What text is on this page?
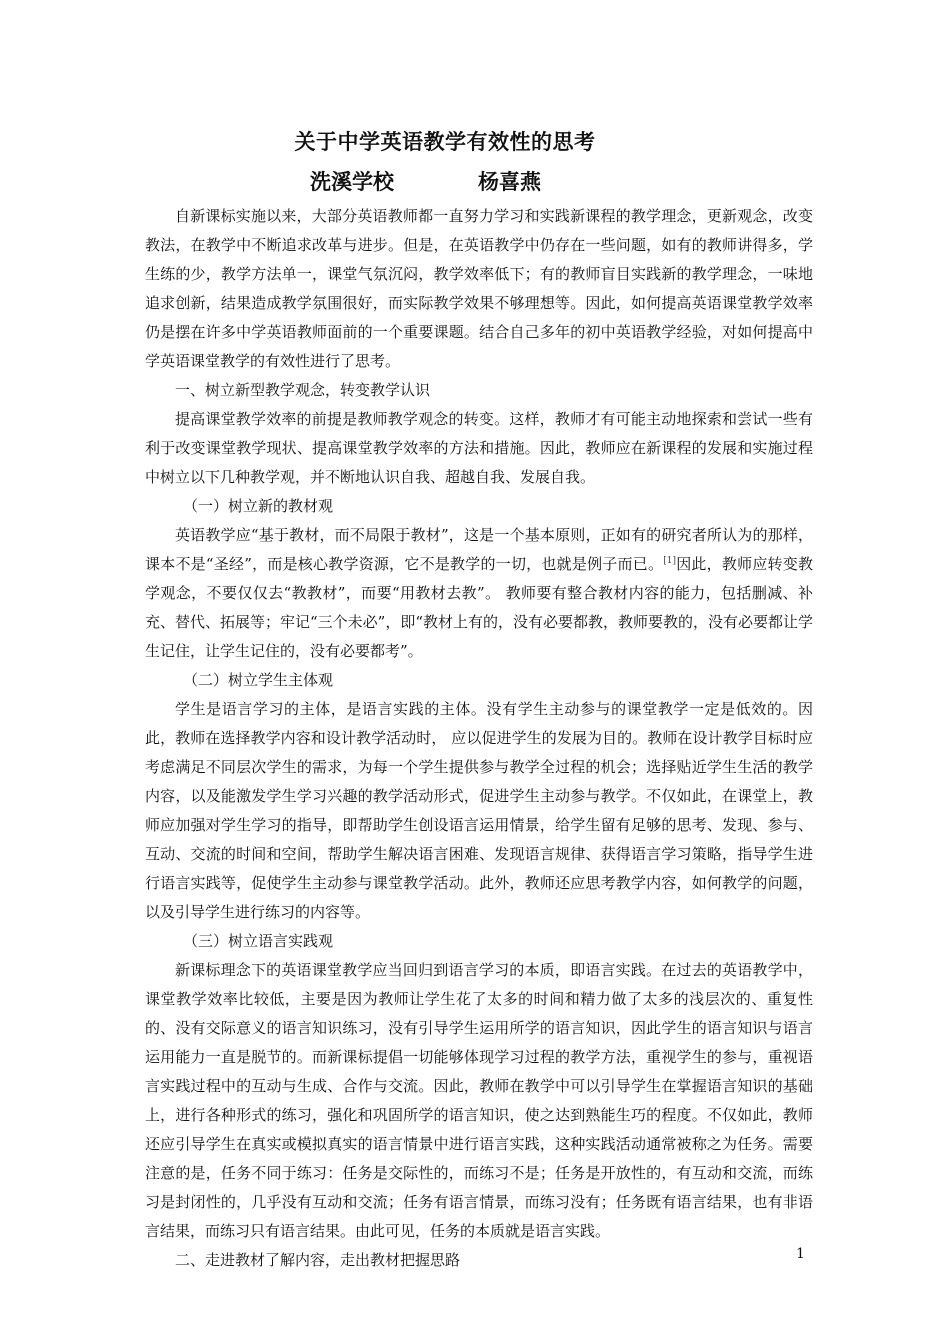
关于中学英语教学有效性的思考
洗溪学校	杨喜燕

自新课标实施以来，大部分英语教师都一直努力学习和实践新课程的教学理念，更新观念，改变教法，在教学中不断追求改革与进步。但是，在英语教学中仍存在一些问题，如有的教师讲得多，学生练的少，教学方法单一，课堂气氛沉闷，教学效率低下；有的教师盲目实践新的教学理念，一味地追求创新，结果造成教学氛围很好，而实际教学效果不够理想等。因此，如何提高英语课堂教学效率仍是摆在许多中学英语教师面前的一个重要课题。结合自己多年的初中英语教学经验，对如何提高中学英语课堂教学的有效性进行了思考。

一、树立新型教学观念，转变教学认识

提高课堂教学效率的前提是教师教学观念的转变。这样，教师才有可能主动地探索和尝试一些有利于改变课堂教学现状、提高课堂教学效率的方法和措施。因此，教师应在新课程的发展和实施过程中树立以下几种教学观，并不断地认识自我、超越自我、发展自我。

（一）树立新的教材观

英语教学应“基于教材，而不局限于教材”，这是一个基本原则，正如有的研究者所认为的那样，课本不是“圣经”，而是核心教学资源，它不是教学的一切，也就是例子而已。[1]因此，教师应转变教学观念，不要仅仅去“教教材”，而要“用教材去教”。 教师要有整合教材内容的能力，包括删减、补充、替代、拓展等；牢记“三个未必”，即“教材上有的，没有必要都教，教师要教的，没有必要都让学生记住，让学生记住的，没有必要都考”。

（二）树立学生主体观

学生是语言学习的主体，是语言实践的主体。没有学生主动参与的课堂教学一定是低效的。因此，教师在选择教学内容和设计教学活动时， 应以促进学生的发展为目的。教师在设计教学目标时应考虑满足不同层次学生的需求，为每一个学生提供参与教学全过程的机会；选择贴近学生生活的教学内容，以及能激发学生学习兴趣的教学活动形式，促进学生主动参与教学。不仅如此，在课堂上，教师应加强对学生学习的指导，即帮助学生创设语言运用情景，给学生留有足够的思考、发现、参与、互动、交流的时间和空间，帮助学生解决语言困难、发现语言规律、获得语言学习策略，指导学生进行语言实践等，促使学生主动参与课堂教学活动。此外，教师还应思考教学内容，如何教学的问题，以及引导学生进行练习的内容等。

（三）树立语言实践观

新课标理念下的英语课堂教学应当回归到语言学习的本质，即语言实践。在过去的英语教学中，课堂教学效率比较低，主要是因为教师让学生花了太多的时间和精力做了太多的浅层次的、重复性的、没有交际意义的语言知识练习，没有引导学生运用所学的语言知识，因此学生的语言知识与语言运用能力一直是脱节的。而新课标提倡一切能够体现学习过程的教学方法，重视学生的参与，重视语言实践过程中的互动与生成、合作与交流。因此，教师在教学中可以引导学生在掌握语言知识的基础上，进行各种形式的练习，强化和巩固所学的语言知识，使之达到熟能生巧的程度。不仅如此，教师还应引导学生在真实或模拟真实的语言情景中进行语言实践，这种实践活动通常被称之为任务。需要注意的是，任务不同于练习：任务是交际性的，而练习不是；任务是开放性的，有互动和交流，而练习是封闭性的，几乎没有互动和交流；任务有语言情景，而练习没有；任务既有语言结果，也有非语言结果，而练习只有语言结果。由此可见，任务的本质就是语言实践。

二、走进教材了解内容，走出教材把握思路	1
